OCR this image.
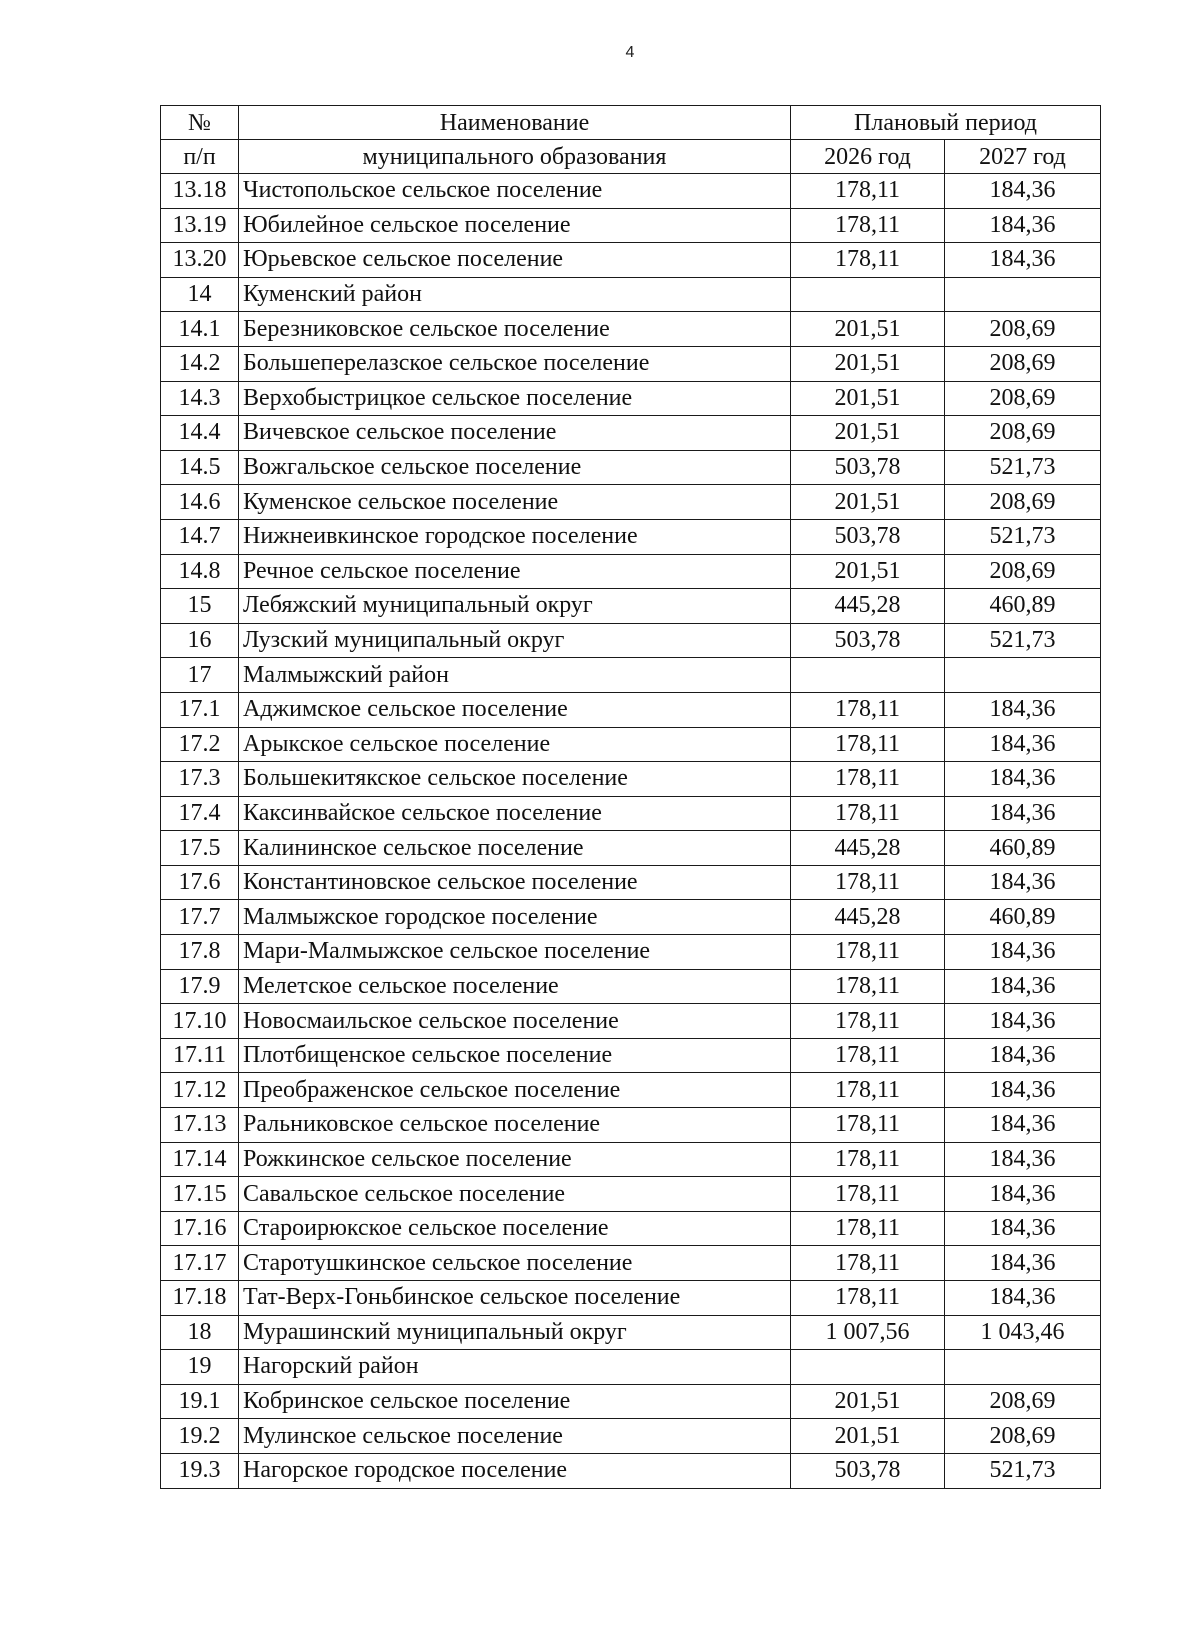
4
№	Наименование	Плановый период	
п/п	муниципального образования	2026 год	2027 год
13.18	Чистопольское сельское поселение	178,11	184,36
13.19	Юбилейное сельское поселение	178,11	184,36
13.20	Юрьевское сельское поселение	178,11	184,36
14	Куменский район		
14.1	Березниковское сельское поселение	201,51	208,69
14.2	Большеперелазское сельское поселение	201,51	208,69
14.3	Верхобыстрицкое сельское поселение	201,51	208,69
14.4	Вичевское сельское поселение	201,51	208,69
14.5	Вожгальское сельское поселение	503,78	521,73
14.6	Куменское сельское поселение	201,51	208,69
14.7	Нижнеивкинское городское поселение	503,78	521,73
14.8	Речное сельское поселение	201,51	208,69
15	Лебяжский муниципальный округ	445,28	460,89
16	Лузский муниципальный округ	503,78	521,73
17	Малмыжский район		
17.1	Аджимское сельское поселение	178,11	184,36
17.2	Арыкское сельское поселение	178,11	184,36
17.3	Большекитякское сельское поселение	178,11	184,36
17.4	Каксинвайское сельское поселение	178,11	184,36
17.5	Калининское сельское поселение	445,28	460,89
17.6	Константиновское сельское поселение	178,11	184,36
17.7	Малмыжское городское поселение	445,28	460,89
17.8	Мари-Малмыжское сельское поселение	178,11	184,36
17.9	Мелетское сельское поселение	178,11	184,36
17.10	Новосмаильское сельское поселение	178,11	184,36
17.11	Плотбищенское сельское поселение	178,11	184,36
17.12	Преображенское сельское поселение	178,11	184,36
17.13	Ральниковское сельское поселение	178,11	184,36
17.14	Рожкинское сельское поселение	178,11	184,36
17.15	Савальское сельское поселение	178,11	184,36
17.16	Староирюкское сельское поселение	178,11	184,36
17.17	Старотушкинское сельское поселение	178,11	184,36
17.18	Тат-Верх-Гоньбинское сельское поселение	178,11	184,36
18	Мурашинский муниципальный округ	1 007,56	1 043,46
19	Нагорский район		
19.1	Кобринское сельское поселение	201,51	208,69
19.2	Мулинское сельское поселение	201,51	208,69
19.3	Нагорское городское поселение	503,78	521,73
